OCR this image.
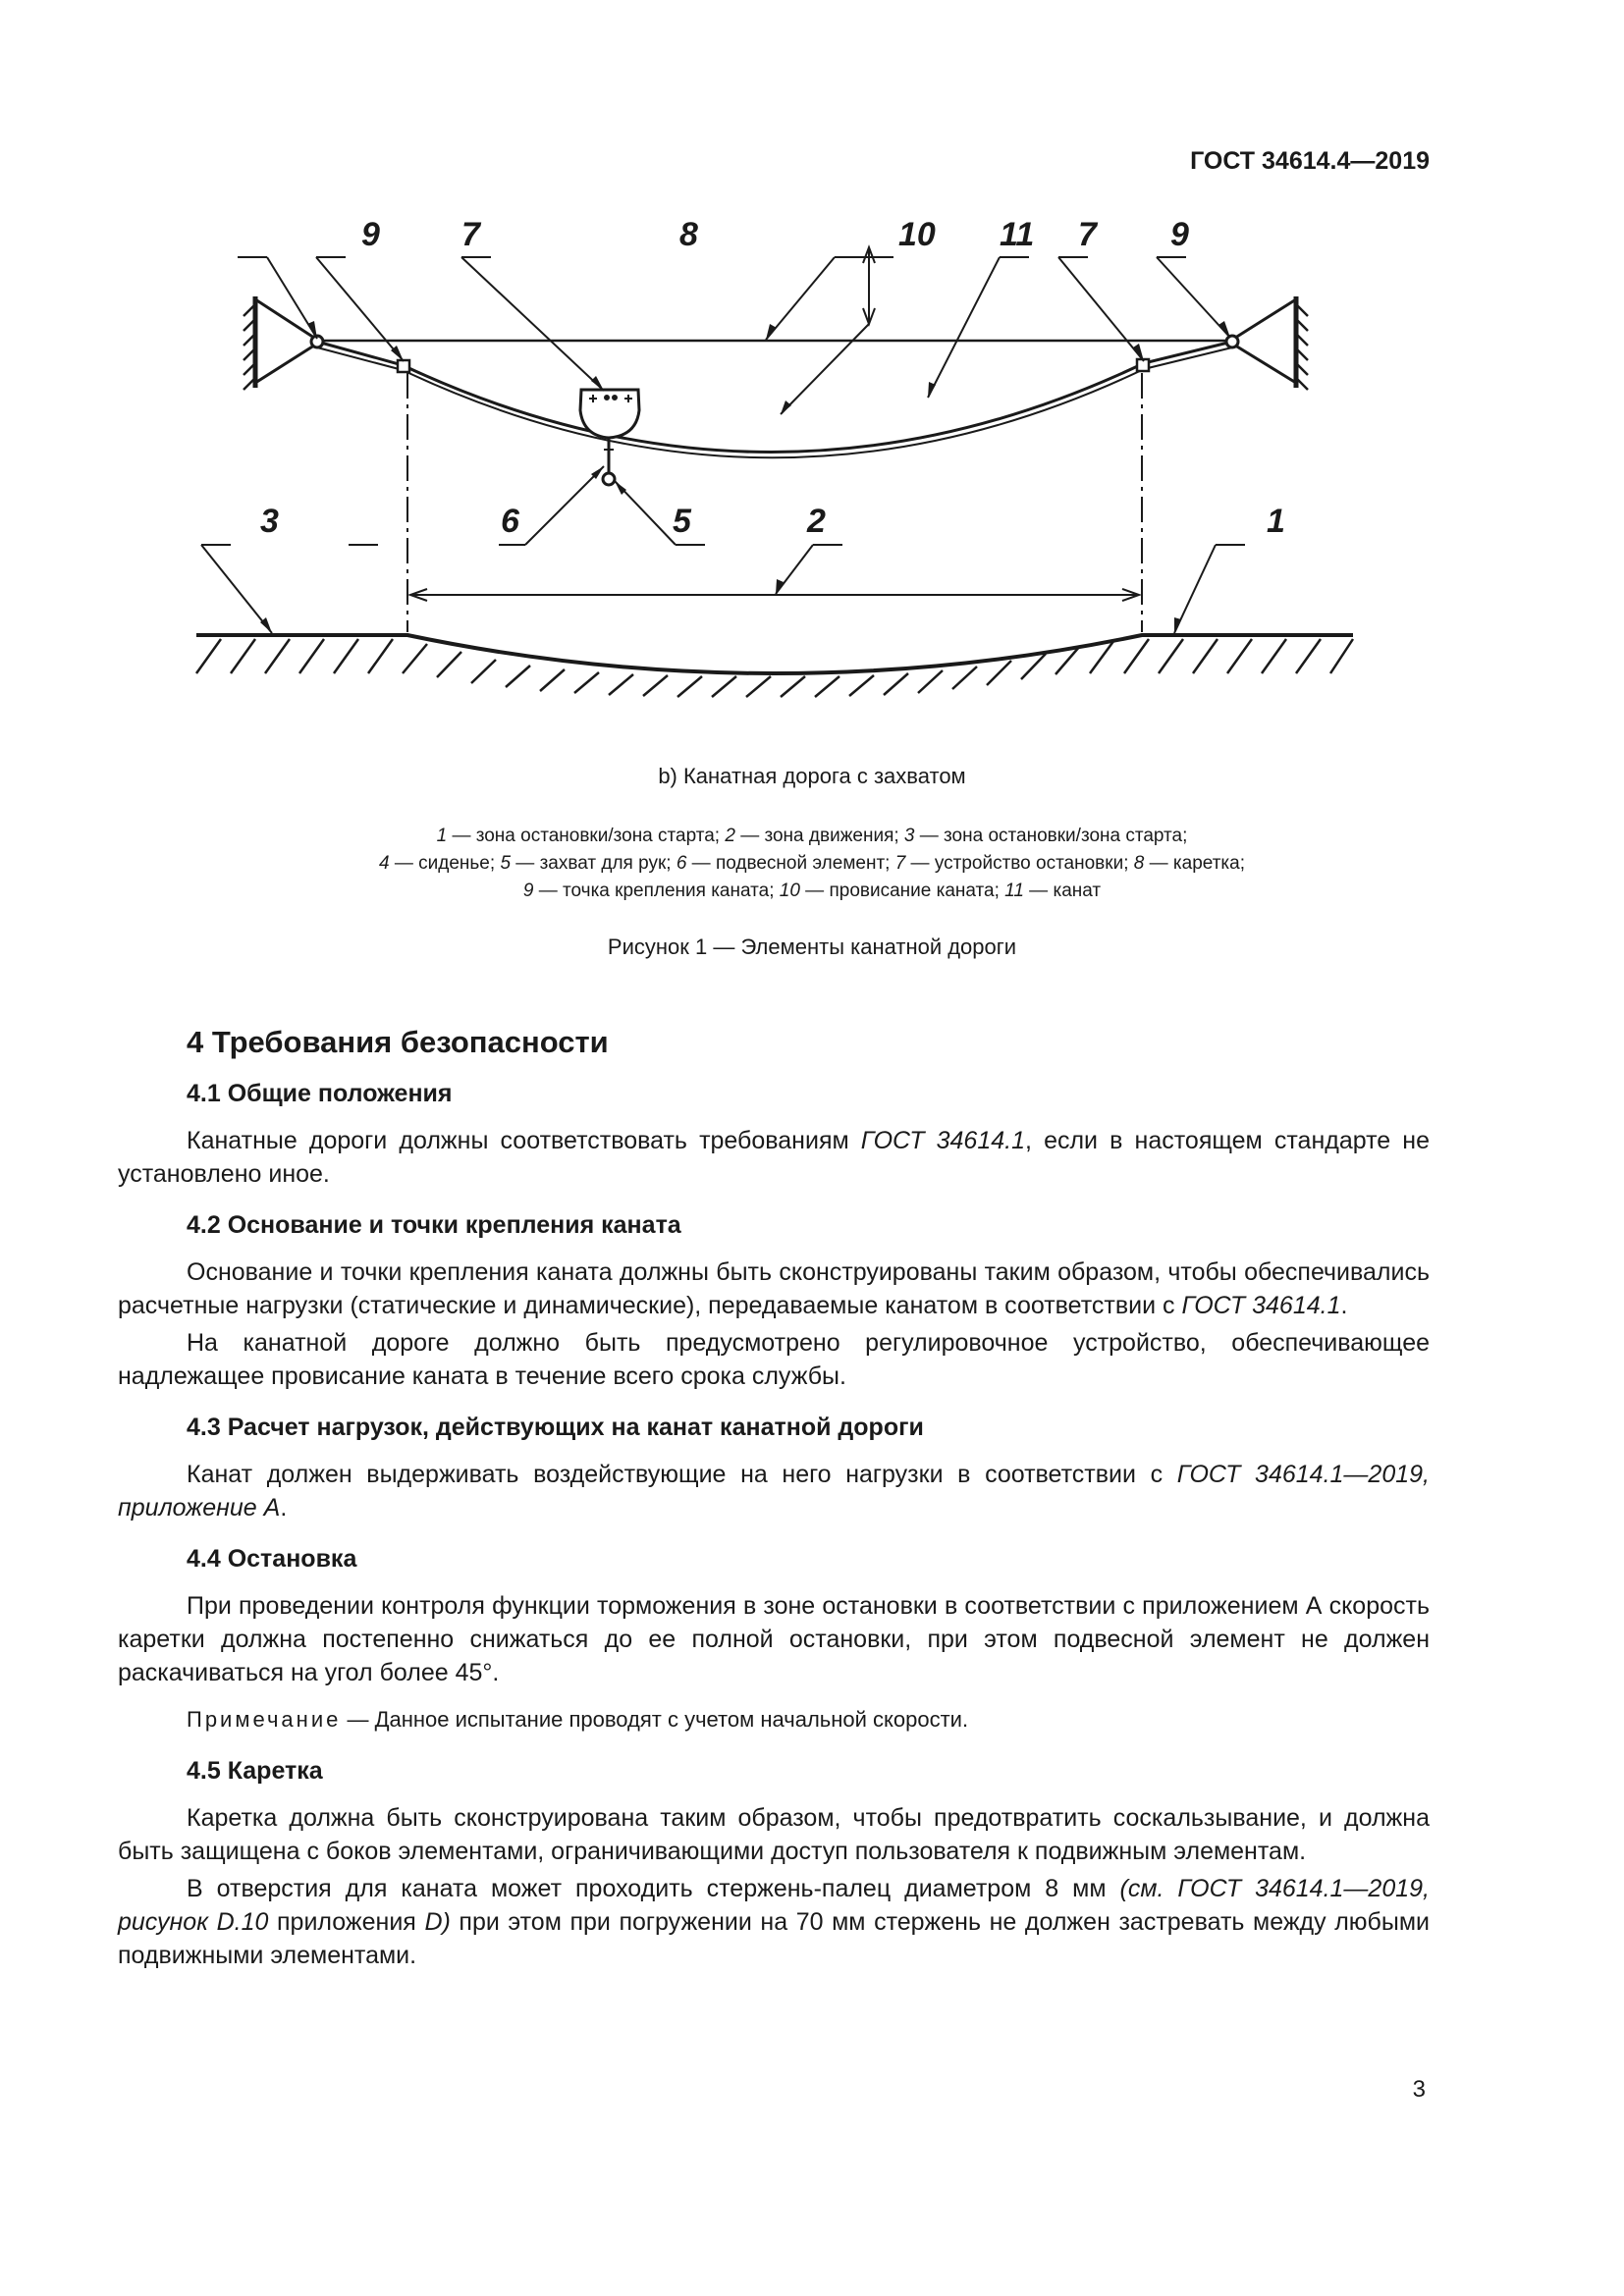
ГОСТ 34614.4—2019
9 7	8	10 11 7 9
6	5
3	2	1
b) Канатная дорога с захватом
1 — зона остановки/зона старта; 2 — зона движения; 3 — зона остановки/зона старта;
4 — сиденье; 5 — захват для рук; 6 — подвесной элемент; 7 — устройство остановки; 8 — каретка;
9 — точка крепления каната; 10 — провисание каната; 11 — канат
Рисунок 1 — Элементы канатной дороги
4 Требования безопасности
4.1 Общие положения

Канатные дороги должны соответствовать требованиям ГОСТ 34614.1, если в настоящем стандарте не установлено иное.

4.2 Основание и точки крепления каната

Основание и точки крепления каната должны быть сконструированы таким образом, чтобы обеспечивались расчетные нагрузки (статические и динамические), передаваемые канатом в соответствии с ГОСТ 34614.1.

На канатной дороге должно быть предусмотрено регулировочное устройство, обеспечивающее надлежащее провисание каната в течение всего срока службы.

4.3 Расчет нагрузок, действующих на канат канатной дороги

Канат должен выдерживать воздействующие на него нагрузки в соответствии с ГОСТ 34614.1—2019, приложение А.

4.4 Остановка

При проведении контроля функции торможения в зоне остановки в соответствии с приложением А скорость каретки должна постепенно снижаться до ее полной остановки, при этом подвесной элемент не должен раскачиваться на угол более 45°.

Примечание — Данное испытание проводят с учетом начальной скорости.

4.5 Каретка

Каретка должна быть сконструирована таким образом, чтобы предотвратить соскальзывание, и должна быть защищена с боков элементами, ограничивающими доступ пользователя к подвижным элементам.

В отверстия для каната может проходить стержень-палец диаметром 8 мм (см. ГОСТ 34614.1—2019, рисунок D.10 приложения D) при этом при погружении на 70 мм стержень не должен застревать между любыми подвижными элементами.

3
